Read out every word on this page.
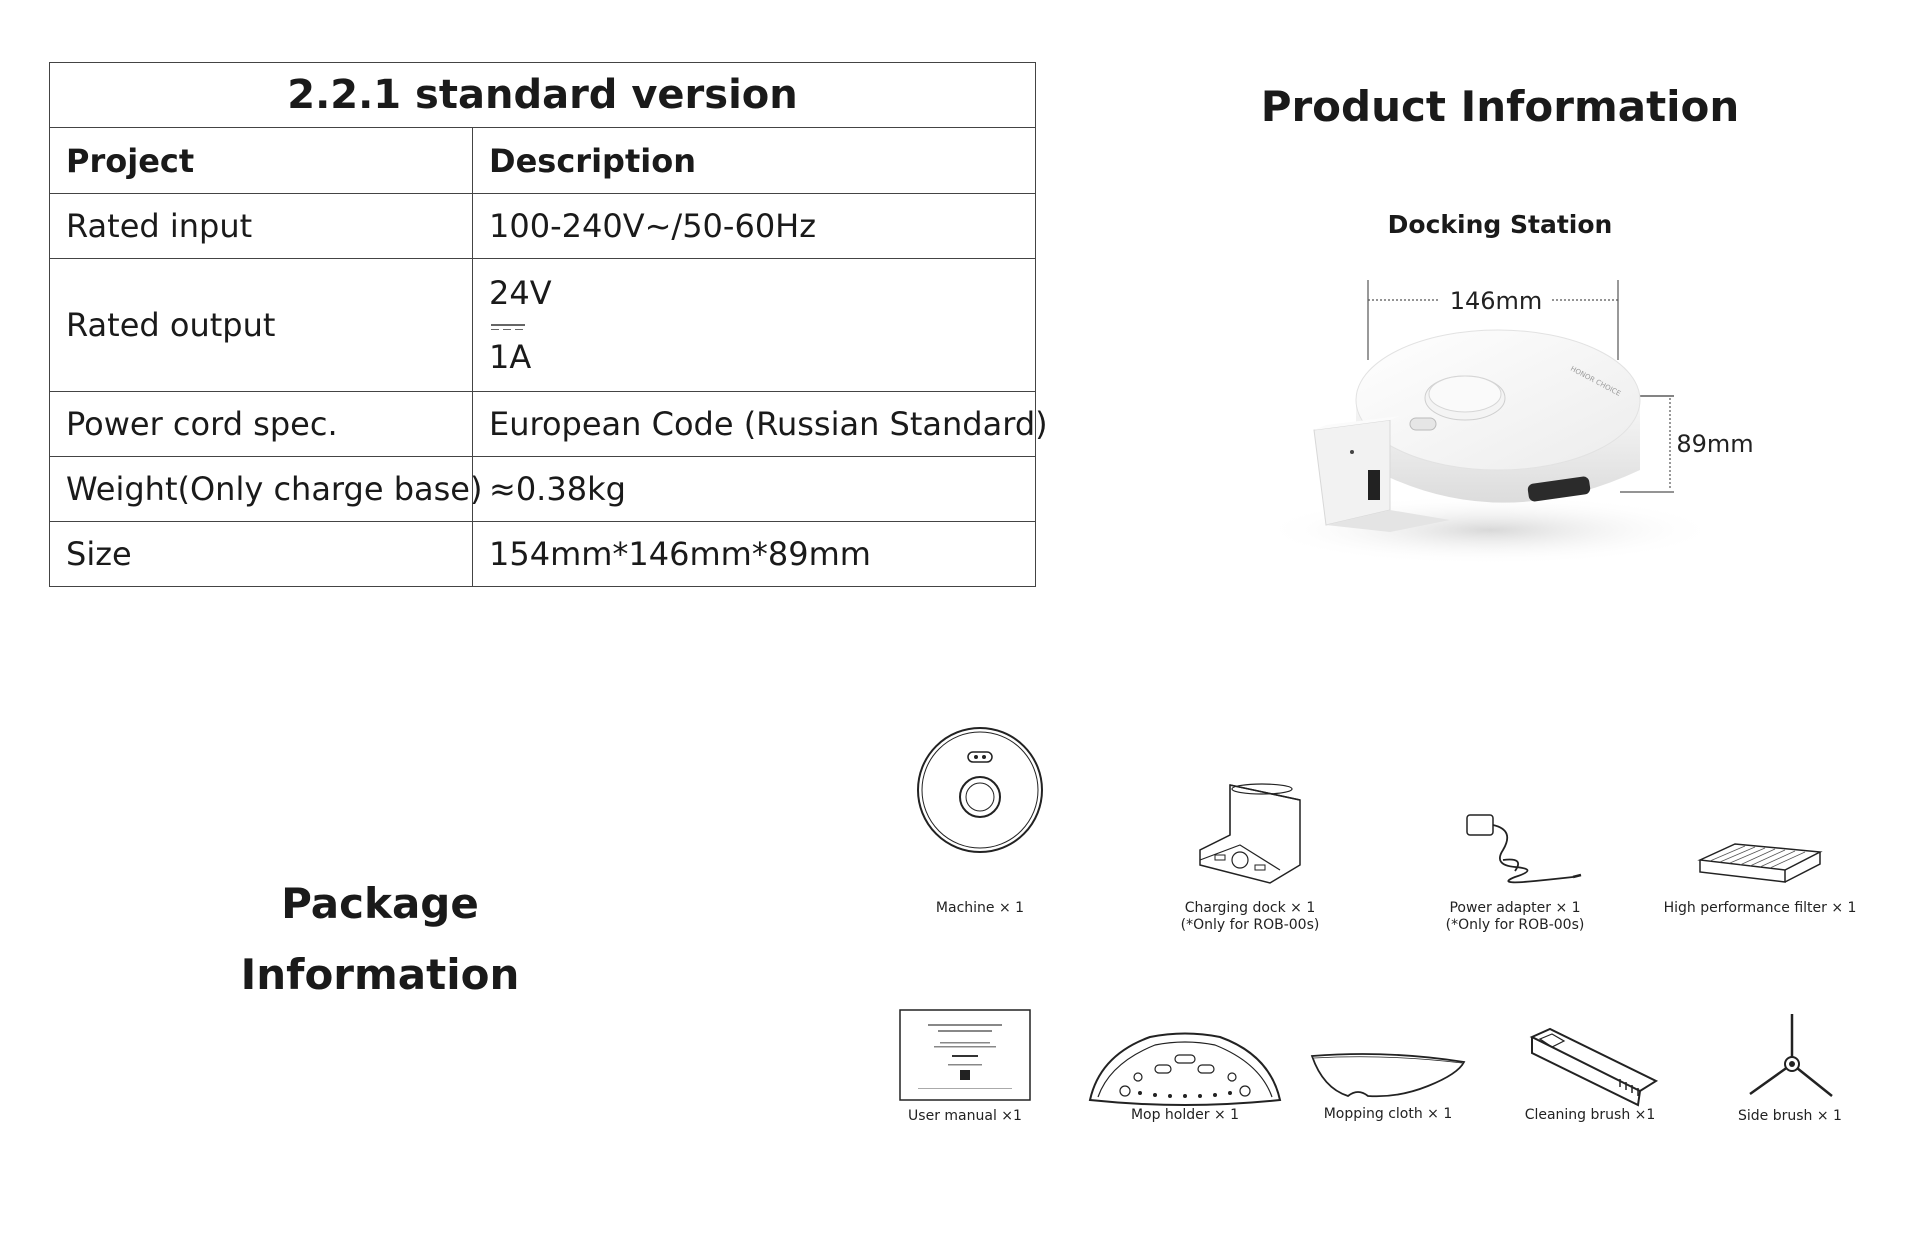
2.2.1 standard version	
Project	Description
Rated input	100-240V~/50-60Hz
Rated output	24V
1A

Power cord spec.	European Code (Russian Standard)
Weight(Only charge base)	≈0.38kg
Size	154mm*146mm*89mm
Product Information
Docking Station
146mm
89mm
HONOR CHOICE
Package
Information
Machine × 1	Charging dock × 1
(*Only for ROB-00s)
Power adapter × 1
(*Only for ROB-00s)
High performance filter × 1
User manual ×1	Mop holder × 1	Mopping cloth × 1	Cleaning brush ×1	Side brush × 1
